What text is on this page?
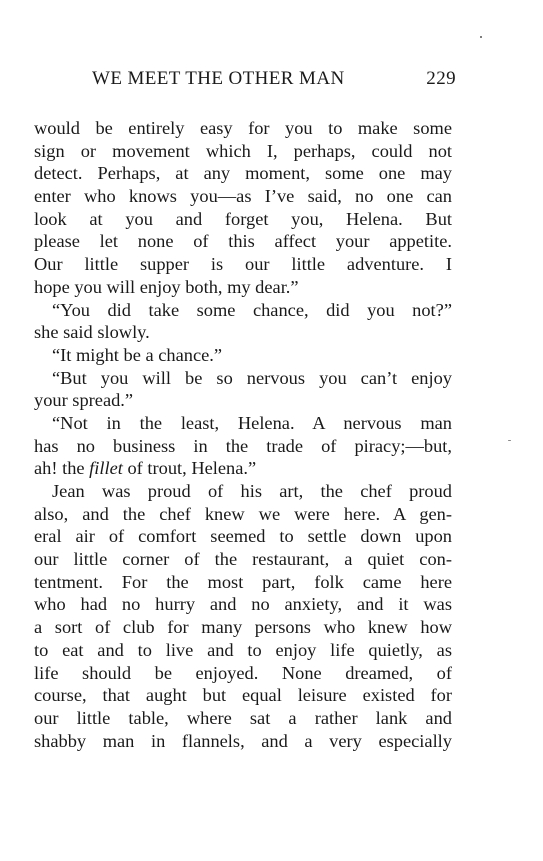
WE MEET THE OTHER MAN	229
would be entirely easy for you to make some
sign or movement which I, perhaps, could not
detect. Perhaps, at any moment, some one may
enter who knows you—as I’ve said, no one can
look at you and forget you, Helena. But
please let none of this affect your appetite.
Our little supper is our little adventure. I
hope you will enjoy both, my dear.”
“You did take some chance, did you not?”
she said slowly.
“It might be a chance.”
“But you will be so nervous you can’t enjoy
your spread.”
“Not in the least, Helena. A nervous man
has no business in the trade of piracy;—but,
ah! the fillet of trout, Helena.”
Jean was proud of his art, the chef proud
also, and the chef knew we were here. A gen-
eral air of comfort seemed to settle down upon
our little corner of the restaurant, a quiet con-
tentment. For the most part, folk came here
who had no hurry and no anxiety, and it was
a sort of club for many persons who knew how
to eat and to live and to enjoy life quietly, as
life should be enjoyed. None dreamed, of
course, that aught but equal leisure existed for
our little table, where sat a rather lank and
shabby man in flannels, and a very especially
